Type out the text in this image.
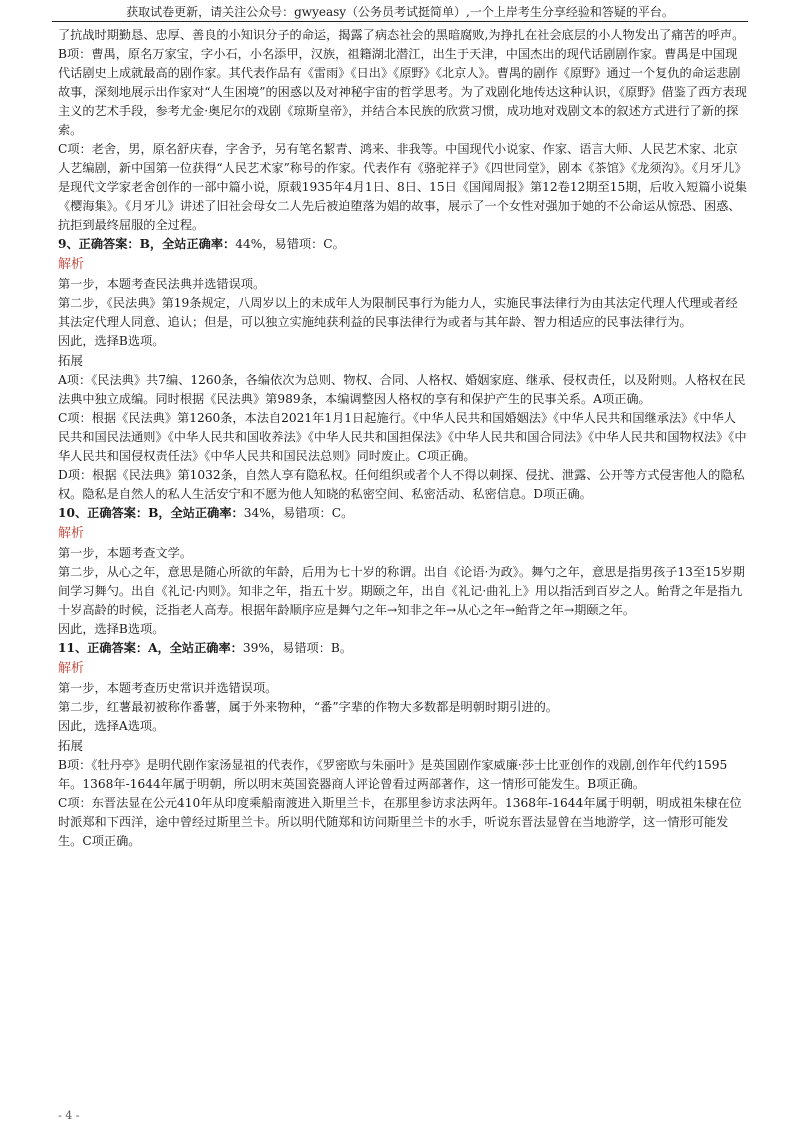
获取试卷更新，请关注公众号：gwyeasy（公务员考试挺简单）,一个上岸考生分享经验和答疑的平台。

了抗战时期勤恳、忠厚、善良的小知识分子的命运，揭露了病态社会的黑暗腐败,为挣扎在社会底层的小人物发出了痛苦的呼声。

B项：曹禺，原名万家宝，字小石，小名添甲，汉族，祖籍湖北潜江，出生于天津，中国杰出的现代话剧剧作家。曹禺是中国现代话剧史上成就最高的剧作家。其代表作品有《雷雨》《日出》《原野》《北京人》。曹禺的剧作《原野》通过一个复仇的命运悲剧故事，深刻地展示出作家对“人生困境”的困惑以及对神秘宇宙的哲学思考。为了戏剧化地传达这种认识，《原野》借鉴了西方表现主义的艺术手段，参考尤金·奥尼尔的戏剧《琼斯皇帝》，并结合本民族的欣赏习惯，成功地对戏剧文本的叙述方式进行了新的探索。

C项：老舍，男，原名舒庆春，字舍予，另有笔名絜青、鸿来、非我等。中国现代小说家、作家、语言大师、人民艺术家、北京人艺编剧，新中国第一位获得“人民艺术家”称号的作家。代表作有《骆驼祥子》《四世同堂》，剧本《茶馆》《龙须沟》。《月牙儿》是现代文学家老舍创作的一部中篇小说，原载1935年4月1日、8日、15日《国闻周报》第12卷12期至15期，后收入短篇小说集《樱海集》。《月牙儿》讲述了旧社会母女二人先后被迫堕落为娼的故事，展示了一个女性对强加于她的不公命运从惊恐、困惑、抗拒到最终屈服的全过程。

9、正确答案：B，全站正确率：44%，易错项：C。

解析

第一步，本题考查民法典并选错误项。

第二步，《民法典》第19条规定，八周岁以上的未成年人为限制民事行为能力人，实施民事法律行为由其法定代理人代理或者经其法定代理人同意、追认；但是，可以独立实施纯获利益的民事法律行为或者与其年龄、智力相适应的民事法律行为。

因此，选择B选项。

拓展

A项：《民法典》共7编、1260条，各编依次为总则、物权、合同、人格权、婚姻家庭、继承、侵权责任，以及附则。人格权在民法典中独立成编。同时根据《民法典》第989条，本编调整因人格权的享有和保护产生的民事关系。A项正确。

C项：根据《民法典》第1260条，本法自2021年1月1日起施行。《中华人民共和国婚姻法》《中华人民共和国继承法》《中华人民共和国民法通则》《中华人民共和国收养法》《中华人民共和国担保法》《中华人民共和国合同法》《中华人民共和国物权法》《中华人民共和国侵权责任法》《中华人民共和国民法总则》同时废止。C项正确。

D项：根据《民法典》第1032条，自然人享有隐私权。任何组织或者个人不得以刺探、侵扰、泄露、公开等方式侵害他人的隐私权。隐私是自然人的私人生活安宁和不愿为他人知晓的私密空间、私密活动、私密信息。D项正确。

10、正确答案：B，全站正确率：34%，易错项：C。

解析

第一步，本题考查文学。

第二步，从心之年，意思是随心所欲的年龄，后用为七十岁的称谓。出自《论语·为政》。舞勺之年，意思是指男孩子13至15岁期间学习舞勺。出自《礼记·内则》。知非之年，指五十岁。期颐之年，出自《礼记·曲礼上》用以指活到百岁之人。鲐背之年是指九十岁高龄的时候，泛指老人高寿。根据年龄顺序应是舞勺之年→知非之年→从心之年→鲐背之年→期颐之年。

因此，选择B选项。

11、正确答案：A，全站正确率：39%，易错项：B。

解析

第一步，本题考查历史常识并选错误项。

第二步，红薯最初被称作番薯，属于外来物种，“番”字辈的作物大多数都是明朝时期引进的。

因此，选择A选项。

拓展

B项：《牡丹亭》是明代剧作家汤显祖的代表作，《罗密欧与朱丽叶》是英国剧作家威廉·莎士比亚创作的戏剧,创作年代约1595年。1368年-1644年属于明朝，所以明末英国瓷器商人评论曾看过两部著作，这一情形可能发生。B项正确。

C项：东晋法显在公元410年从印度乘船南渡进入斯里兰卡，在那里参访求法两年。1368年-1644年属于明朝，明成祖朱棣在位时派郑和下西洋，途中曾经过斯里兰卡。所以明代随郑和访问斯里兰卡的水手，听说东晋法显曾在当地游学，这一情形可能发生。C项正确。

- 4 -
